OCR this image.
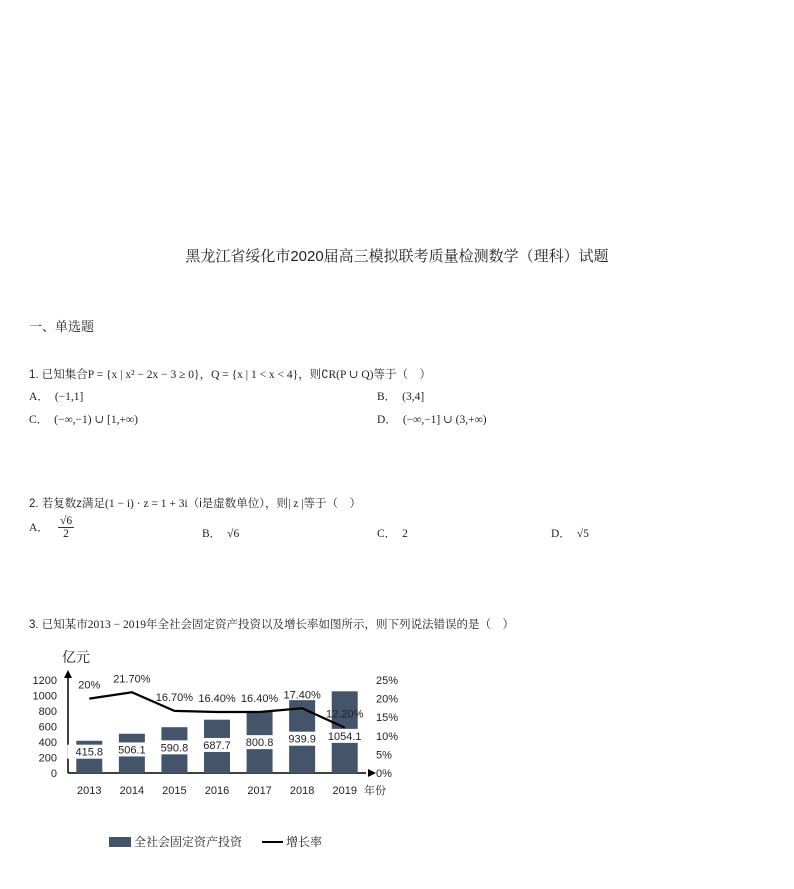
黑龙江省绥化市2020届高三模拟联考质量检测数学（理科）试题
一、单选题
1. 已知集合P = {x | x² − 2x − 3 ≥ 0}，Q = {x | 1 < x < 4}，则∁R(P ∪ Q)等于（　）
A． (−1,1]	B． (3,4]
C． (−∞,−1) ∪ [1,+∞)	D． (−∞,−1] ∪ (3,+∞)
2. 若复数z满足(1 − i) · z = 1 + 3i（i是虚数单位），则| z |等于（　）
A． $\frac{√6}{2}$	B． √6	C． 2	D． √5
3. 已知某市2013 − 2019年全社会固定资产投资以及增长率如图所示，则下列说法错误的是（　）
0
200
400
600
800
1000
1200
0%
5%
10%
15%
20%
25%
亿元
年份
415.8 506.1 590.8 687.7 800.8 939.9 1054.1
2013 2014 2015 2016 2017 2018 2019
20%
21.70%
16.70% 16.40% 16.40% 17.40%
12.20%
全社会固定资产投资	增长率
